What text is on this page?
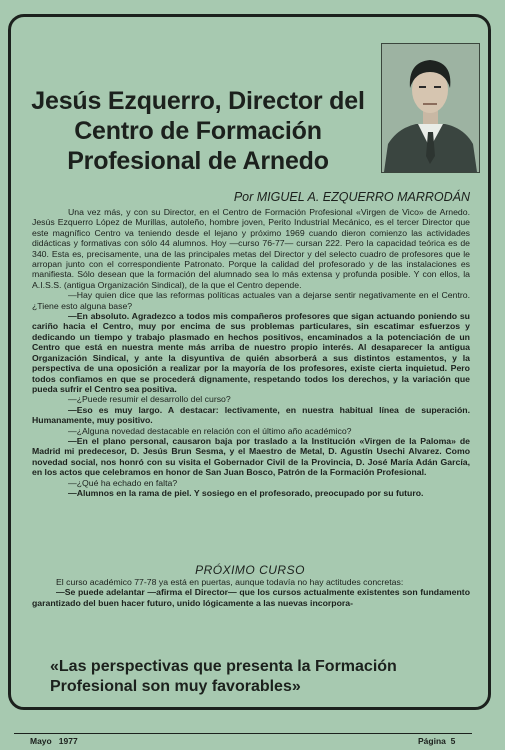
Jesús Ezquerro, Director del Centro de Formación Profesional de Arnedo
Por MIGUEL A. EZQUERRO MARRODÁN

Una vez más, y con su Director, en el Centro de Formación Profesional «Virgen de Vico» de Arnedo. Jesús Ezquerro López de Murillas, autoleño, hombre joven, Perito Industrial Mecánico, es el tercer Director que este magnífico Centro va teniendo desde el lejano y próximo 1969 cuando dieron comienzo las actividades didácticas y formativas con sólo 44 alumnos. Hoy —curso 76-77— cursan 222. Pero la capacidad teórica es de 340. Esta es, precisamente, una de las principales metas del Director y del selecto cuadro de profesores que le arropan junto con el correspondiente Patronato. Porque la calidad del profesorado y de las instalaciones es manifiesta. Sólo desean que la formación del alumnado sea lo más extensa y profunda posible. Y con ellos, la A.I.S.S. (antigua Organización Sindical), de la que el Centro depende.

—Hay quien dice que las reformas políticas actuales van a dejarse sentir negativamente en el Centro. ¿Tiene esto alguna base?

—En absoluto. Agradezco a todos mis compañeros profesores que sigan actuando poniendo su cariño hacia el Centro, muy por encima de sus problemas particulares, sin escatimar esfuerzos y dedicando un tiempo y trabajo plasmado en hechos positivos, encaminados a la potenciación de un Centro que está en nuestra mente más arriba de nuestro propio interés. Al desaparecer la antigua Organización Sindical, y ante la disyuntiva de quién absorberá a sus distintos estamentos, y la perspectiva de una oposición a realizar por la mayoría de los profesores, existe cierta inquietud. Pero todos confiamos en que se procederá dignamente, respetando todos los derechos, y la variación que pueda sufrir el Centro sea positiva.

—¿Puede resumir el desarrollo del curso?

—Eso es muy largo. A destacar: lectivamente, en nuestra habitual línea de superación. Humanamente, muy positivo.

—¿Alguna novedad destacable en relación con el último año académico?

—En el plano personal, causaron baja por traslado a la Institución «Virgen de la Paloma» de Madrid mi predecesor, D. Jesús Brun Sesma, y el Maestro de Metal, D. Agustín Usechi Alvarez. Como novedad social, nos honró con su visita el Gobernador Civil de la Provincia, D. José María Adán García, en los actos que celebramos en honor de San Juan Bosco, Patrón de la Formación Profesional.

—¿Qué ha echado en falta?

—Alumnos en la rama de piel. Y sosiego en el profesorado, preocupado por su futuro.

PRÓXIMO CURSO

El curso académico 77-78 ya está en puertas, aunque todavía no hay actitudes concretas:

—Se puede adelantar —afirma el Director— que los cursos actualmente existentes son fundamento garantizado del buen hacer futuro, unido lógicamente a las nuevas incorpora-

«Las perspectivas que presenta la Formación Profesional son muy favorables»
Mayo   1977	Página  5
